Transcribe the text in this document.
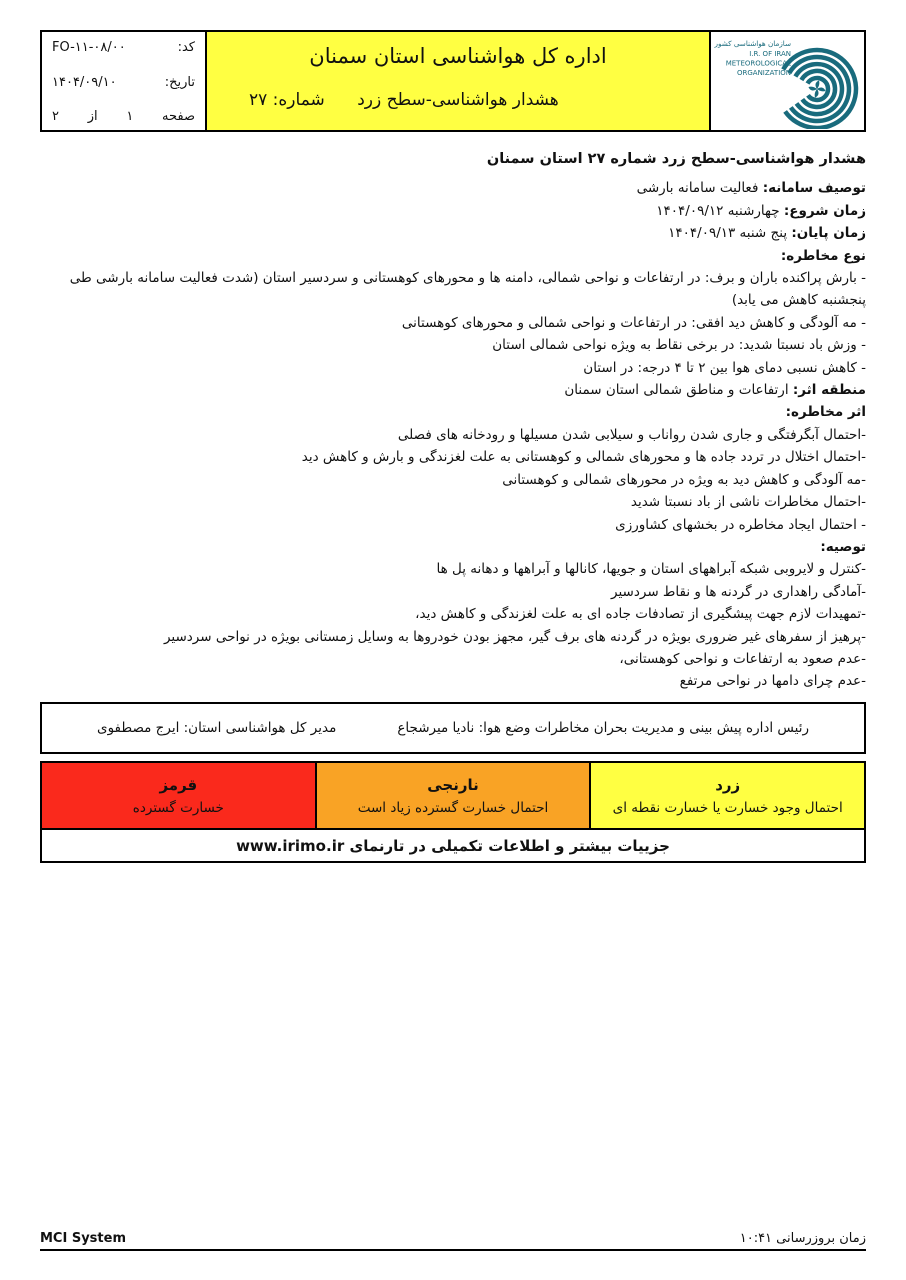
کد:
FO-۱۱-۰۸/۰۰
تاریخ:
۱۴۰۴/۰۹/۱۰
صفحه
۱
از
۲
اداره کل هواشناسی استان سمنان
هشدار هواشناسی-سطح زرد
شماره: ۲۷
سازمان هواشناسی کشور
I.R. OF IRAN
METEOROLOGICAL
ORGANIZATION
هشدار هواشناسی-سطح زرد شماره ۲۷ استان سمنان
توصیف سامانه: فعالیت سامانه بارشی
زمان شروع: چهارشنبه ۱۴۰۴/۰۹/۱۲
زمان پایان: پنج شنبه ۱۴۰۴/۰۹/۱۳
نوع مخاطره:
- بارش پراکنده باران و برف: در ارتفاعات و نواحی شمالی، دامنه ها و محورهای کوهستانی و سردسیر استان (شدت فعالیت سامانه بارشی طی پنجشنبه کاهش می یابد)
- مه آلودگی و کاهش دید افقی: در ارتفاعات و نواحی شمالی و محورهای کوهستانی
- وزش باد نسبتا شدید: در برخی نقاط به ویژه نواحی شمالی استان
- کاهش نسبی دمای هوا بین ۲ تا ۴ درجه: در استان
منطقه اثر: ارتفاعات و مناطق شمالی استان سمنان
اثر مخاطره:
-احتمال آبگرفتگی و جاری شدن رواناب و سیلابی شدن مسیلها و رودخانه های فصلی
-احتمال اختلال در تردد جاده ها و محورهای شمالی و کوهستانی به علت لغزندگی و بارش و کاهش دید
-مه آلودگی و کاهش دید به ویژه در محورهای شمالی و کوهستانی
-احتمال مخاطرات ناشی از باد نسبتا شدید
- احتمال ایجاد مخاطره در بخشهای کشاورزی
توصیه:
-کنترل و لایروبی شبکه آبراههای استان و جویها، کانالها و آبراهها و دهانه پل ها
-آمادگی راهداری در گردنه ها و نقاط سردسیر
-تمهیدات لازم جهت پیشگیری از تصادفات جاده ای به علت لغزندگی و کاهش دید،
-پرهیز از سفرهای غیر ضروری بویژه در گردنه های برف گیر، مجهز بودن خودروها به وسایل زمستانی بویژه در نواحی سردسیر
-عدم صعود به ارتفاعات و نواحی کوهستانی،
-عدم چرای دامها در نواحی مرتفع
رئیس اداره پیش بینی و مدیریت بحران مخاطرات وضع هوا: نادیا میرشجاع
مدیر کل هواشناسی استان: ایرج مصطفوی
قرمز
خسارت گسترده
نارنجی
احتمال خسارت گسترده زیاد است
زرد
احتمال وجود خسارت یا خسارت نقطه ای
جزییات بیشتر و اطلاعات تکمیلی در تارنمای www.irimo.ir
MCI System	زمان بروزرسانی ۱۰:۴۱
